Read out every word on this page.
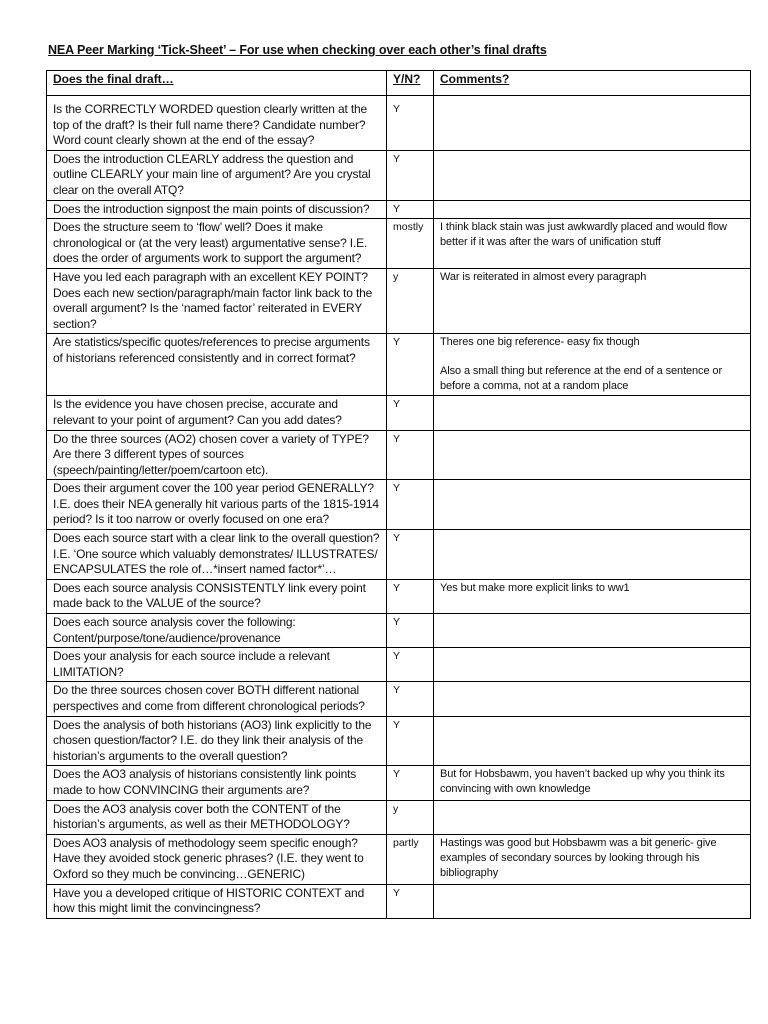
NEA Peer Marking ‘Tick-Sheet’ – For use when checking over each other’s final drafts
Does the final draft…	Y/N?	Comments?
Is the CORRECTLY WORDED question clearly written at the top of the draft? Is their full name there? Candidate number? Word count clearly shown at the end of the essay?	Y	
Does the introduction CLEARLY address the question and outline CLEARLY your main line of argument? Are you crystal clear on the overall ATQ?	Y	
Does the introduction signpost the main points of discussion?	Y	
Does the structure seem to ‘flow’ well? Does it make chronological or (at the very least) argumentative sense? I.E. does the order of arguments work to support the argument?	mostly	I think black stain was just awkwardly placed and would flow better if it was after the wars of unification stuff

Have you led each paragraph with an excellent KEY POINT? Does each new section/paragraph/main factor link back to the overall argument? Is the ‘named factor’ reiterated in EVERY section?	y	War is reiterated in almost every paragraph

Are statistics/specific quotes/references to precise arguments of historians referenced consistently and in correct format?	Y	Theres one big reference- easy fix though
Also a small thing but reference at the end of a sentence or before a comma, not at a random place

Is the evidence you have chosen precise, accurate and relevant to your point of argument? Can you add dates?	Y	
Do the three sources (AO2) chosen cover a variety of TYPE? Are there 3 different types of sources (speech/painting/letter/poem/cartoon etc).	Y	
Does their argument cover the 100 year period GENERALLY? I.E. does their NEA generally hit various parts of the 1815-1914 period? Is it too narrow or overly focused on one era?	Y	
Does each source start with a clear link to the overall question? I.E. ‘One source which valuably demonstrates/ ILLUSTRATES/ ENCAPSULATES the role of…*insert named factor*’…	Y	
Does each source analysis CONSISTENTLY link every point made back to the VALUE of the source?	Y	Yes but make more explicit links to ww1

Does each source analysis cover the following: Content/purpose/tone/audience/provenance	Y	
Does your analysis for each source include a relevant LIMITATION?	Y	
Do the three sources chosen cover BOTH different national perspectives and come from different chronological periods?	Y	
Does the analysis of both historians (AO3) link explicitly to the chosen question/factor? I.E. do they link their analysis of the historian’s arguments to the overall question?	Y	
Does the AO3 analysis of historians consistently link points made to how CONVINCING their arguments are?	Y	But for Hobsbawm, you haven’t backed up why you think its convincing with own knowledge

Does the AO3 analysis cover both the CONTENT of the historian’s arguments, as well as their METHODOLOGY?	y	
Does AO3 analysis of methodology seem specific enough? Have they avoided stock generic phrases? (I.E. they went to Oxford so they much be convincing…GENERIC)	partly	Hastings was good but Hobsbawm was a bit generic- give examples of secondary sources by looking through his bibliography

Have you a developed critique of HISTORIC CONTEXT and how this might limit the convincingness?	Y	
